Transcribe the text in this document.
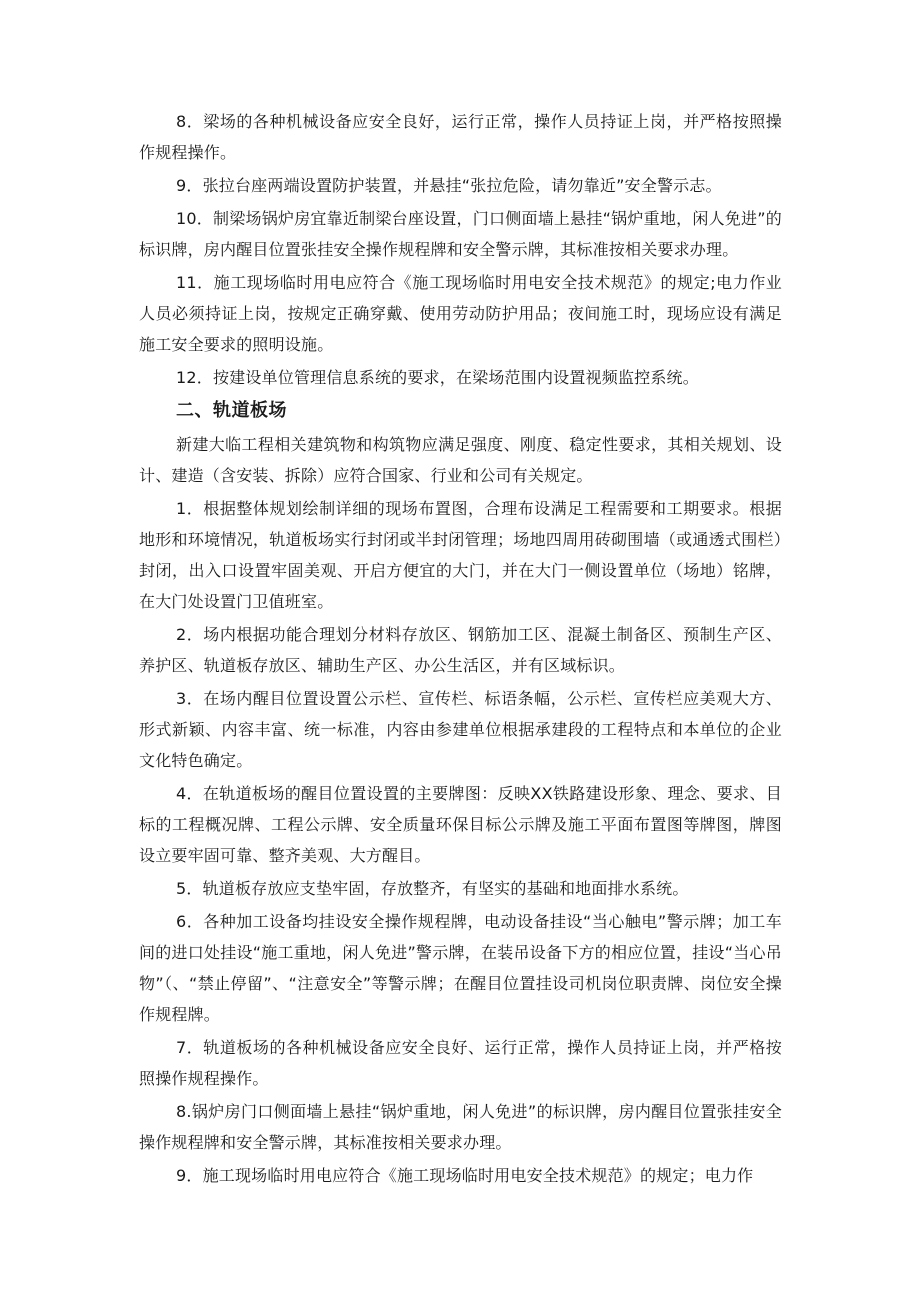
8．梁场的各种机械设备应安全良好，运行正常，操作人员持证上岗，并严格按照操作规程操作。

9．张拉台座两端设置防护装置，并悬挂“张拉危险，请勿靠近”安全警示志。

10．制梁场锅炉房宜靠近制梁台座设置，门口侧面墙上悬挂“锅炉重地，闲人免进”的标识牌，房内醒目位置张挂安全操作规程牌和安全警示牌，其标准按相关要求办理。

11．施工现场临时用电应符合《施工现场临时用电安全技术规范》的规定;电力作业人员必须持证上岗，按规定正确穿戴、使用劳动防护用品；夜间施工时，现场应设有满足施工安全要求的照明设施。

12．按建设单位管理信息系统的要求，在梁场范围内设置视频监控系统。

二、轨道板场

新建大临工程相关建筑物和构筑物应满足强度、刚度、稳定性要求，其相关规划、设计、建造（含安装、拆除）应符合国家、行业和公司有关规定。

1．根据整体规划绘制详细的现场布置图，合理布设满足工程需要和工期要求。根据地形和环境情况，轨道板场实行封闭或半封闭管理；场地四周用砖砌围墙（或通透式围栏）封闭，出入口设置牢固美观、开启方便宜的大门，并在大门一侧设置单位（场地）铭牌，在大门处设置门卫值班室。

2．场内根据功能合理划分材料存放区、钢筋加工区、混凝土制备区、预制生产区、养护区、轨道板存放区、辅助生产区、办公生活区，并有区域标识。

3．在场内醒目位置设置公示栏、宣传栏、标语条幅，公示栏、宣传栏应美观大方、形式新颖、内容丰富、统一标准，内容由参建单位根据承建段的工程特点和本单位的企业文化特色确定。

4．在轨道板场的醒目位置设置的主要牌图：反映XX铁路建设形象、理念、要求、目标的工程概况牌、工程公示牌、安全质量环保目标公示牌及施工平面布置图等牌图，牌图设立要牢固可靠、整齐美观、大方醒目。

5．轨道板存放应支垫牢固，存放整齐，有坚实的基础和地面排水系统。

6．各种加工设备均挂设安全操作规程牌，电动设备挂设“当心触电”警示牌；加工车间的进口处挂设“施工重地，闲人免进”警示牌，在装吊设备下方的相应位置，挂设“当心吊物”（、“禁止停留”、“注意安全”等警示牌；在醒目位置挂设司机岗位职责牌、岗位安全操作规程牌。

7．轨道板场的各种机械设备应安全良好、运行正常，操作人员持证上岗，并严格按照操作规程操作。

8.锅炉房门口侧面墙上悬挂“锅炉重地，闲人免进”的标识牌，房内醒目位置张挂安全操作规程牌和安全警示牌，其标准按相关要求办理。

9．施工现场临时用电应符合《施工现场临时用电安全技术规范》的规定；电力作
